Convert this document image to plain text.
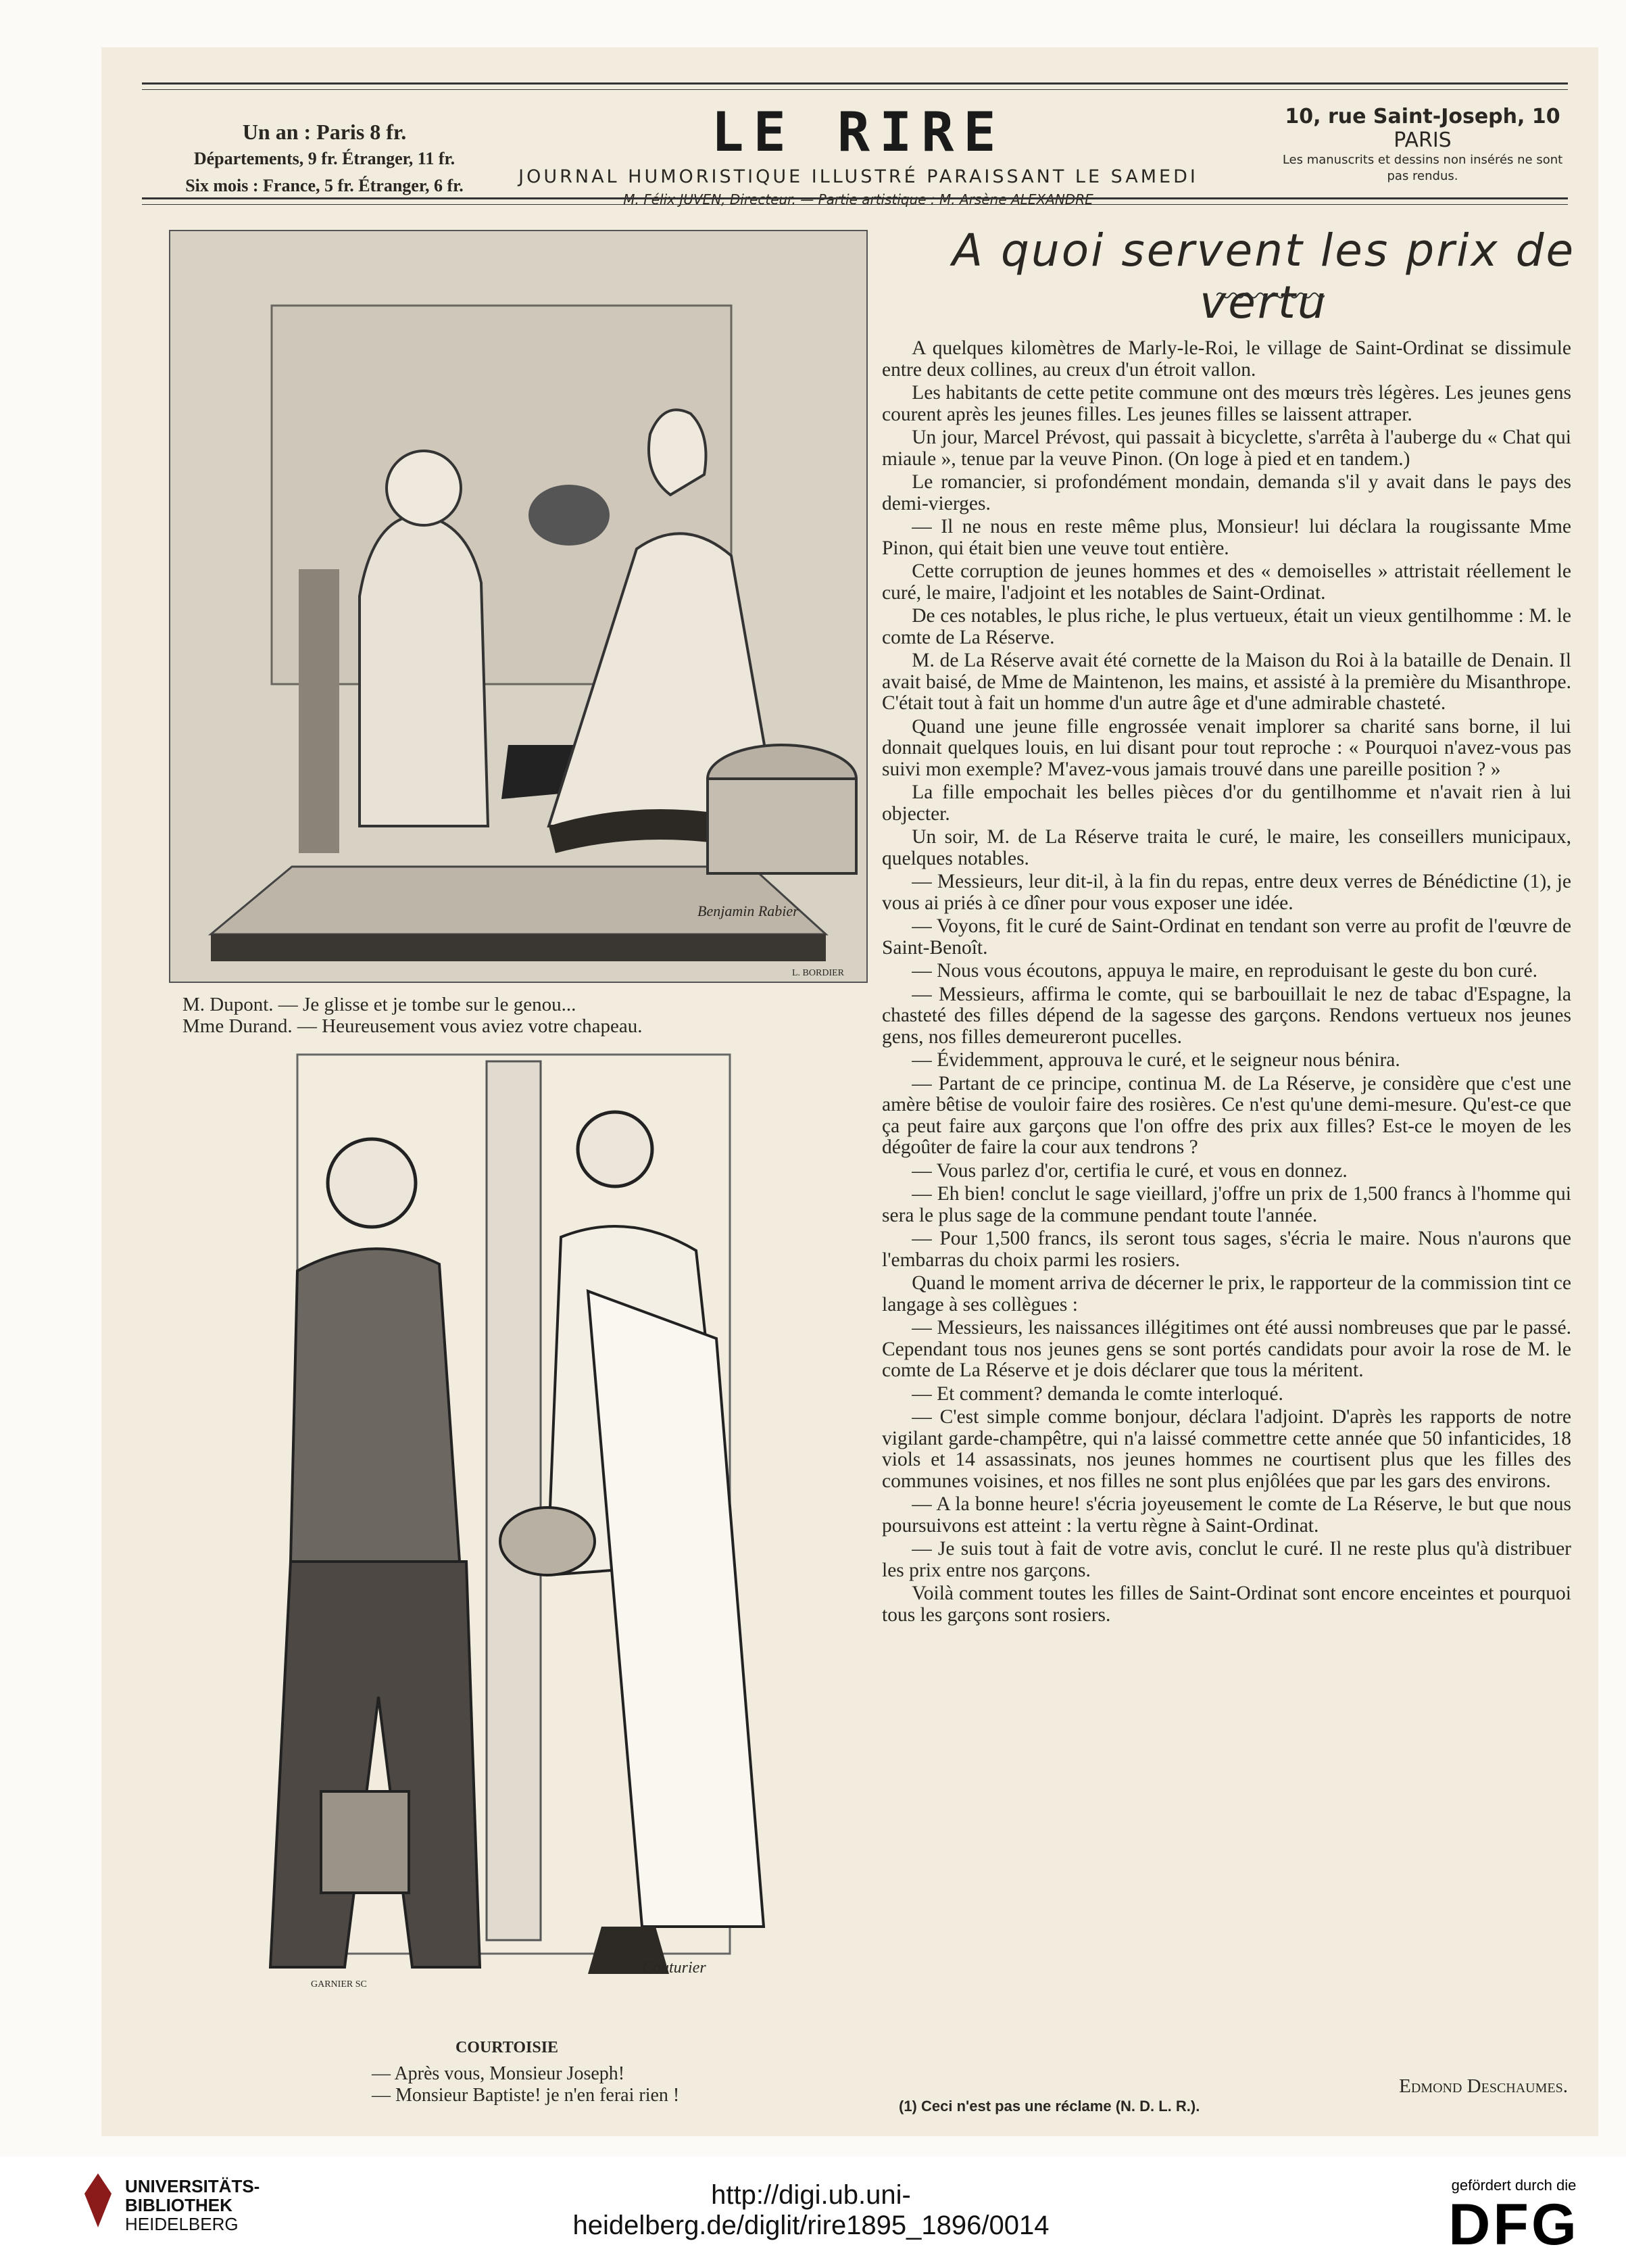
Un an : Paris 8 fr.
Départements, 9 fr. Étranger, 11 fr.
Six mois : France, 5 fr. Étranger, 6 fr.
LE RIRE
JOURNAL HUMORISTIQUE ILLUSTRÉ PARAISSANT LE SAMEDI
M. Félix JUVEN, Directeur. — Partie artistique : M. Arsène ALEXANDRE
10, rue Saint-Joseph, 10
PARIS
Les manuscrits et dessins non insérés ne sont pas rendus.
Benjamin Rabier
L. BORDIER
M. Dupont. — Je glisse et je tombe sur le genou...
Mme Durand. — Heureusement vous aviez votre chapeau.
Couturier
GARNIER SC
COURTOISIE
— Après vous, Monsieur Joseph!
— Monsieur Baptiste! je n'en ferai rien !
A quoi servent les prix de vertu

A quelques kilomètres de Marly-le-Roi, le village de Saint-Ordinat se dissimule entre deux collines, au creux d'un étroit vallon.

Les habitants de cette petite commune ont des mœurs très légères. Les jeunes gens courent après les jeunes filles. Les jeunes filles se laissent attraper.

Un jour, Marcel Prévost, qui passait à bicyclette, s'arrêta à l'auberge du « Chat qui miaule », tenue par la veuve Pinon. (On loge à pied et en tandem.)

Le romancier, si profondément mondain, demanda s'il y avait dans le pays des demi-vierges.

— Il ne nous en reste même plus, Monsieur! lui déclara la rougissante Mme Pinon, qui était bien une veuve tout entière.

Cette corruption de jeunes hommes et des « demoiselles » attristait réellement le curé, le maire, l'adjoint et les notables de Saint-Ordinat.

De ces notables, le plus riche, le plus vertueux, était un vieux gentilhomme : M. le comte de La Réserve.

M. de La Réserve avait été cornette de la Maison du Roi à la bataille de Denain. Il avait baisé, de Mme de Maintenon, les mains, et assisté à la première du Misanthrope. C'était tout à fait un homme d'un autre âge et d'une admirable chasteté.

Quand une jeune fille engrossée venait implorer sa charité sans borne, il lui donnait quelques louis, en lui disant pour tout reproche : « Pourquoi n'avez-vous pas suivi mon exemple? M'avez-vous jamais trouvé dans une pareille position ? »

La fille empochait les belles pièces d'or du gentilhomme et n'avait rien à lui objecter.

Un soir, M. de La Réserve traita le curé, le maire, les conseillers municipaux, quelques notables.

— Messieurs, leur dit-il, à la fin du repas, entre deux verres de Bénédictine (1), je vous ai priés à ce dîner pour vous exposer une idée.

— Voyons, fit le curé de Saint-Ordinat en tendant son verre au profit de l'œuvre de Saint-Benoît.

— Nous vous écoutons, appuya le maire, en reproduisant le geste du bon curé.

— Messieurs, affirma le comte, qui se barbouillait le nez de tabac d'Espagne, la chasteté des filles dépend de la sagesse des garçons. Rendons vertueux nos jeunes gens, nos filles demeureront pucelles.

— Évidemment, approuva le curé, et le seigneur nous bénira.

— Partant de ce principe, continua M. de La Réserve, je considère que c'est une amère bêtise de vouloir faire des rosières. Ce n'est qu'une demi-mesure. Qu'est-ce que ça peut faire aux garçons que l'on offre des prix aux filles? Est-ce le moyen de les dégoûter de faire la cour aux tendrons ?

— Vous parlez d'or, certifia le curé, et vous en donnez.

— Eh bien! conclut le sage vieillard, j'offre un prix de 1,500 francs à l'homme qui sera le plus sage de la commune pendant toute l'année.

— Pour 1,500 francs, ils seront tous sages, s'écria le maire. Nous n'aurons que l'embarras du choix parmi les rosiers.

Quand le moment arriva de décerner le prix, le rapporteur de la commission tint ce langage à ses collègues :

— Messieurs, les naissances illégitimes ont été aussi nombreuses que par le passé. Cependant tous nos jeunes gens se sont portés candidats pour avoir la rose de M. le comte de La Réserve et je dois déclarer que tous la méritent.

— Et comment? demanda le comte interloqué.

— C'est simple comme bonjour, déclara l'adjoint. D'après les rapports de notre vigilant garde-champêtre, qui n'a laissé commettre cette année que 50 infanticides, 18 viols et 14 assassinats, nos jeunes hommes ne courtisent plus que les filles des communes voisines, et nos filles ne sont plus enjôlées que par les gars des environs.

— A la bonne heure! s'écria joyeusement le comte de La Réserve, le but que nous poursuivons est atteint : la vertu règne à Saint-Ordinat.

— Je suis tout à fait de votre avis, conclut le curé. Il ne reste plus qu'à distribuer les prix entre nos garçons.

Voilà comment toutes les filles de Saint-Ordinat sont encore enceintes et pourquoi tous les garçons sont rosiers.

Edmond Deschaumes.
(1) Ceci n'est pas une réclame (N. D. L. R.).
UNIVERSITÄTS-
BIBLIOTHEK
HEIDELBERG
http://digi.ub.uni-heidelberg.de/diglit/rire1895_1896/0014
gefördert durch die
DFG
